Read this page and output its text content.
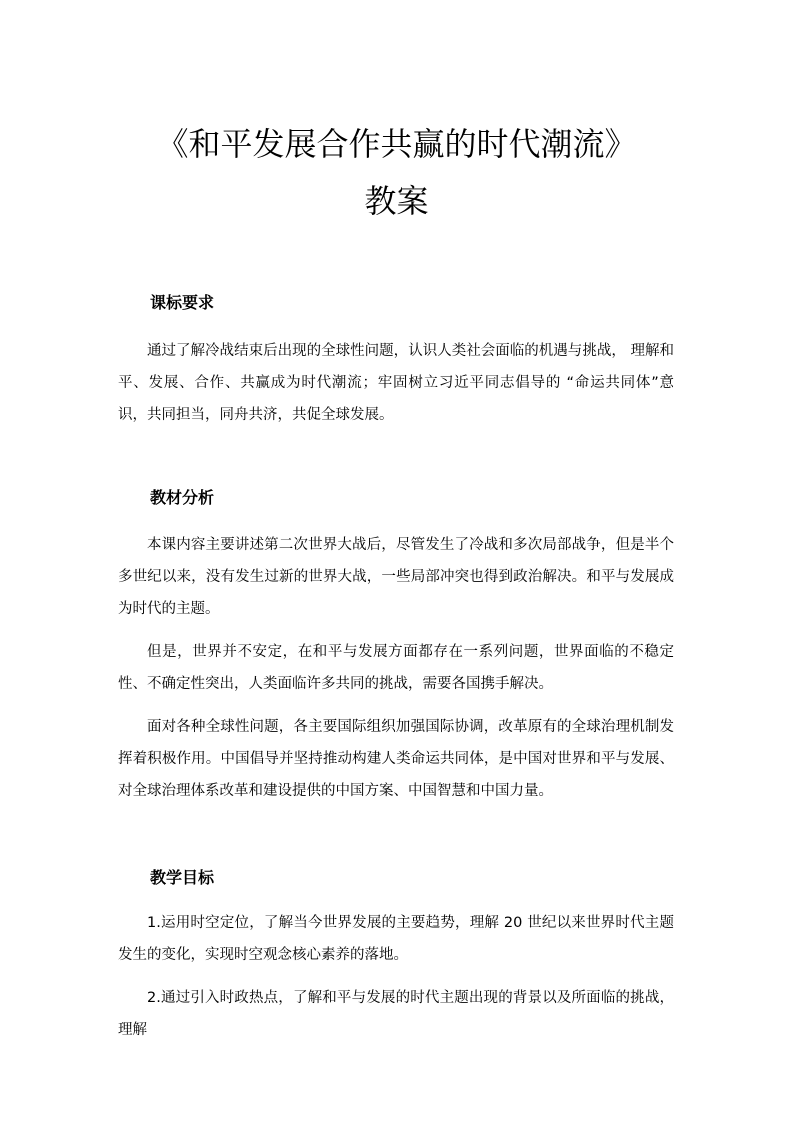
《和平发展合作共赢的时代潮流》
教案
课标要求
通过了解冷战结束后出现的全球性问题，认识人类社会面临的机遇与挑战， 理解和平、发展、合作、共赢成为时代潮流；牢固树立习近平同志倡导的 “命运共同体”意识，共同担当，同舟共济，共促全球发展。
教材分析
本课内容主要讲述第二次世界大战后，尽管发生了冷战和多次局部战争，但是半个多世纪以来，没有发生过新的世界大战，一些局部冲突也得到政治解决。和平与发展成为时代的主题。
但是，世界并不安定，在和平与发展方面都存在一系列问题，世界面临的不稳定性、不确定性突出，人类面临许多共同的挑战，需要各国携手解决。
面对各种全球性问题，各主要国际组织加强国际协调，改革原有的全球治理机制发挥着积极作用。中国倡导并坚持推动构建人类命运共同体，是中国对世界和平与发展、对全球治理体系改革和建设提供的中国方案、中国智慧和中国力量。
教学目标
1.运用时空定位，了解当今世界发展的主要趋势，理解 20 世纪以来世界时代主题发生的变化，实现时空观念核心素养的落地。
2.通过引入时政热点，了解和平与发展的时代主题出现的背景以及所面临的挑战，理解
